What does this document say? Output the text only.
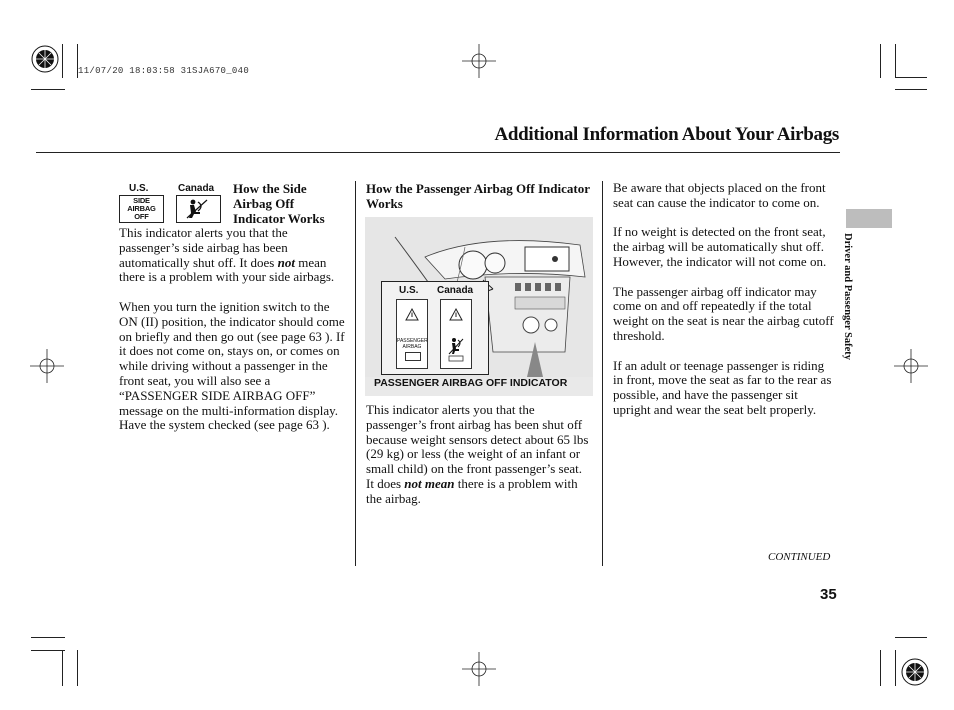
11/07/20 18:03:58 31SJA670_040
Additional Information About Your Airbags
U.S.	Canada
SIDE
AIRBAG
OFF
How the Side
Airbag Off
Indicator Works

This indicator alerts you that the passenger’s side airbag has been automatically shut off. It does not mean there is a problem with your side airbags.

When you turn the ignition switch to the ON (II) position, the indicator should come on briefly and then go out (see page 63 ). If it does not come on, stays on, or comes on while driving without a passenger in the front seat, you will also see a “PASSENGER SIDE AIRBAG OFF” message on the multi-information display. Have the system checked (see page 63 ).

How the Passenger Airbag Off Indicator Works
U.S. Canada
PASSENGER
AIRBAG
PASSENGER AIRBAG OFF INDICATOR

This indicator alerts you that the passenger’s front airbag has been shut off because weight sensors detect about 65 lbs (29 kg) or less (the weight of an infant or small child) on the front passenger’s seat. It does not mean there is a problem with the airbag.

Be aware that objects placed on the front seat can cause the indicator to come on.

If no weight is detected on the front seat, the airbag will be automatically shut off. However, the indicator will not come on.

The passenger airbag off indicator may come on and off repeatedly if the total weight on the seat is near the airbag cutoff threshold.

If an adult or teenage passenger is riding in front, move the seat as far to the rear as possible, and have the passenger sit upright and wear the seat belt properly.

Driver and Passenger Safety
CONTINUED
35
